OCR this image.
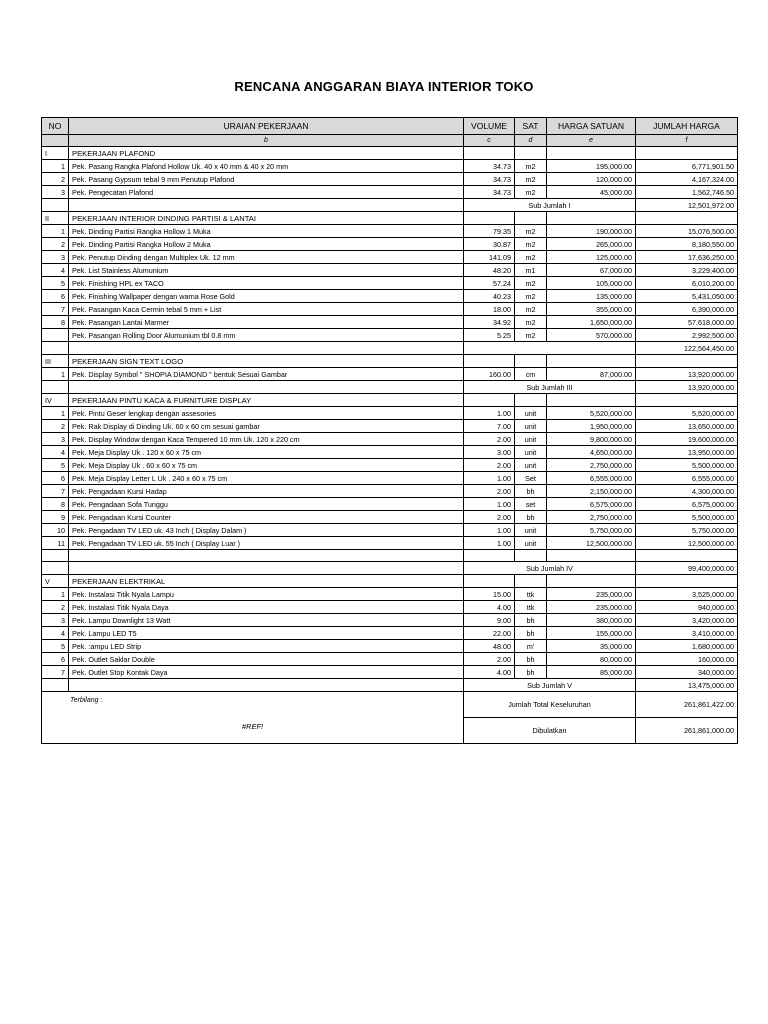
RENCANA ANGGARAN BIAYA INTERIOR TOKO
NO	URAIAN PEKERJAAN	VOLUME	SAT	HARGA SATUAN	JUMLAH HARGA
	b	c	d	e	f
I	PEKERJAAN PLAFOND				
1	Pek. Pasang Rangka Plafond Hollow Uk. 40 x 40 mm & 40 x 20 mm	34.73	m2	195,000.00	6,771,901.50
2	Pek. Pasang Gypsum tebal 9 mm Penutup Plafond	34.73	m2	120,000.00	4,167,324.00
3	Pek. Pengecatan Plafond	34.73	m2	45,000.00	1,562,746.50
		Sub Jumlah I			12,501,972.00
II	PEKERJAAN INTERIOR DINDING PARTISI & LANTAI				
1	Pek. Dinding Partisi Rangka Hollow 1 Muka	79.35	m2	190,000.00	15,076,500.00
2	Pek. Dinding Partisi Rangka Hollow 2 Muka	30.87	m2	265,000.00	8,180,550.00
3	Pek. Penutup Dinding dengan Multiplex Uk. 12 mm	141.09	m2	125,000.00	17,636,250.00
4	Pek. List Stainless Alumunium	48.20	m1	67,000.00	3,229,400.00
5	Pek. Finishing HPL ex TACO	57.24	m2	105,000.00	6,010,200.00
6	Pek. Finishing Wallpaper dengan warna Rose Gold	40.23	m2	135,000.00	5,431,050.00
7	Pek. Pasangan Kaca Cermin tebal 5 mm + List	18.00	m2	355,000.00	6,390,000.00
8	Pek. Pasangan Lantai Marmer	34.92	m2	1,650,000.00	57,618,000.00
	Pek. Pasangan Rolling Door Alumunium tbl 0.8 mm	5.25	m2	570,000.00	2,992,500.00
					122,564,450.00
III	PEKERJAAN SIGN TEXT LOGO				
1	Pek. Display Symbol " SHOPIA DIAMOND " bentuk Sesuai Gambar	160.00	cm	87,000.00	13,920,000.00
		Sub Jumlah III			13,920,000.00
IV	PEKERJAAN PINTU KACA & FURNITURE DISPLAY				
1	Pek. Pintu Geser lengkap dengan assesories	1.00	unit	5,520,000.00	5,520,000.00
2	Pek. Rak Display di Dinding Uk. 60 x 60 cm sesuai gambar	7.00	unit	1,950,000.00	13,650,000.00
3	Pek. Display Window dengan Kaca Tempered 10 mm Uk. 120 x 220 cm	2.00	unit	9,800,000.00	19,600,000.00
4	Pek. Meja Display Uk . 120 x 60 x 75 cm	3.00	unit	4,650,000.00	13,950,000.00
5	Pek. Meja Display Uk . 60 x 60 x 75 cm	2.00	unit	2,750,000.00	5,500,000.00
6	Pek. Meja Display Letter L Uk . 240 x 60 x 75 cm	1.00	Set	6,555,000.00	6,555,000.00
7	Pek. Pengadaan Kursi Hadap	2.00	bh	2,150,000.00	4,300,000.00
8	Pek. Pengadaan Sofa Tunggu	1.00	set	6,575,000.00	6,575,000.00
9	Pek. Pengadaan Kursi Counter	2.00	bh	2,750,000.00	5,500,000.00
10	Pek. Pengadaan TV LED uk. 43 Inch ( Display Dalam )	1.00	unit	5,750,000.00	5,750,000.00
11	Pek. Pengadaan TV LED uk. 55 Inch ( Display Luar )	1.00	unit	12,500,000.00	12,500,000.00

		Sub Jumlah IV			99,400,000.00
V	PEKERJAAN ELEKTRIKAL				
1	Pek. Instalasi Titik Nyala Lampu	15.00	ttk	235,000.00	3,525,000.00
2	Pek. Instalasi Titik Nyala Daya	4.00	ttk	235,000.00	940,000.00
3	Pek. Lampu Downlight 13 Watt	9.00	bh	380,000.00	3,420,000.00
4	Pek. Lampu LED T5	22.00	bh	155,000.00	3,410,000.00
5	Pek. :ampu LED Strip	48.00	m'	35,000.00	1,680,000.00
6	Pek. Outlet Saklar Double	2.00	bh	80,000.00	160,000.00
7	Pek. Outlet Stop Kontak Daya	4.00	bh	85,000.00	340,000.00
		Sub Jumlah V			13,475,000.00

Terbilang :
#REF!		Jumlah Total Keseluruhan			261,861,422.00
		Dibulatkan			261,861,000.00
